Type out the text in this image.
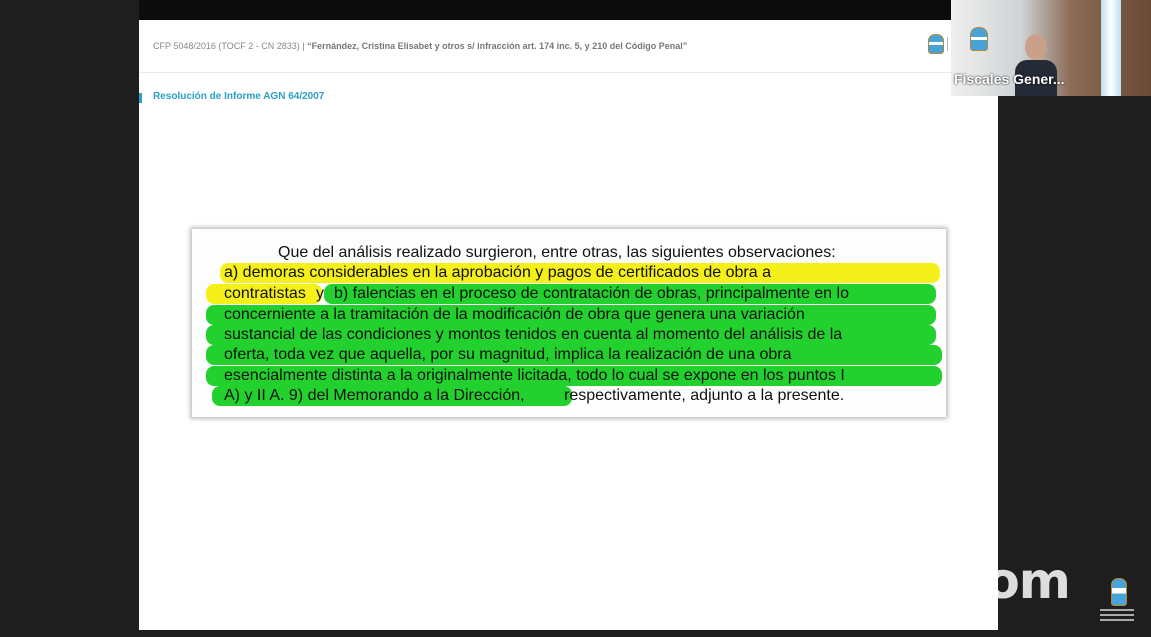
CFP 5048/2016 (TOCF 2 - CN 2833) | “Fernández, Cristina Elisabet y otros s/ infracción art. 174 inc. 5, y 210 del Código Penal”
Resolución de Informe AGN 64/2007
Que del análisis realizado surgieron, entre otras, las siguientes observaciones:
a) demoras considerables en la aprobación y pagos de certificados de obra a
contratistas y b) falencias en el proceso de contratación de obras, principalmente en lo
concerniente a la tramitación de la modificación de obra que genera una variación
sustancial de las condiciones y montos tenidos en cuenta al momento del análisis de la
oferta, toda vez que aquella, por su magnitud, implica la realización de una obra
esencialmente distinta a la originalmente licitada, todo lo cual se expone en los puntos I
A) y II A. 9) del Memorando a la Dirección, respectivamente, adjunto a la presente.
Fiscales Gener...
zoom
